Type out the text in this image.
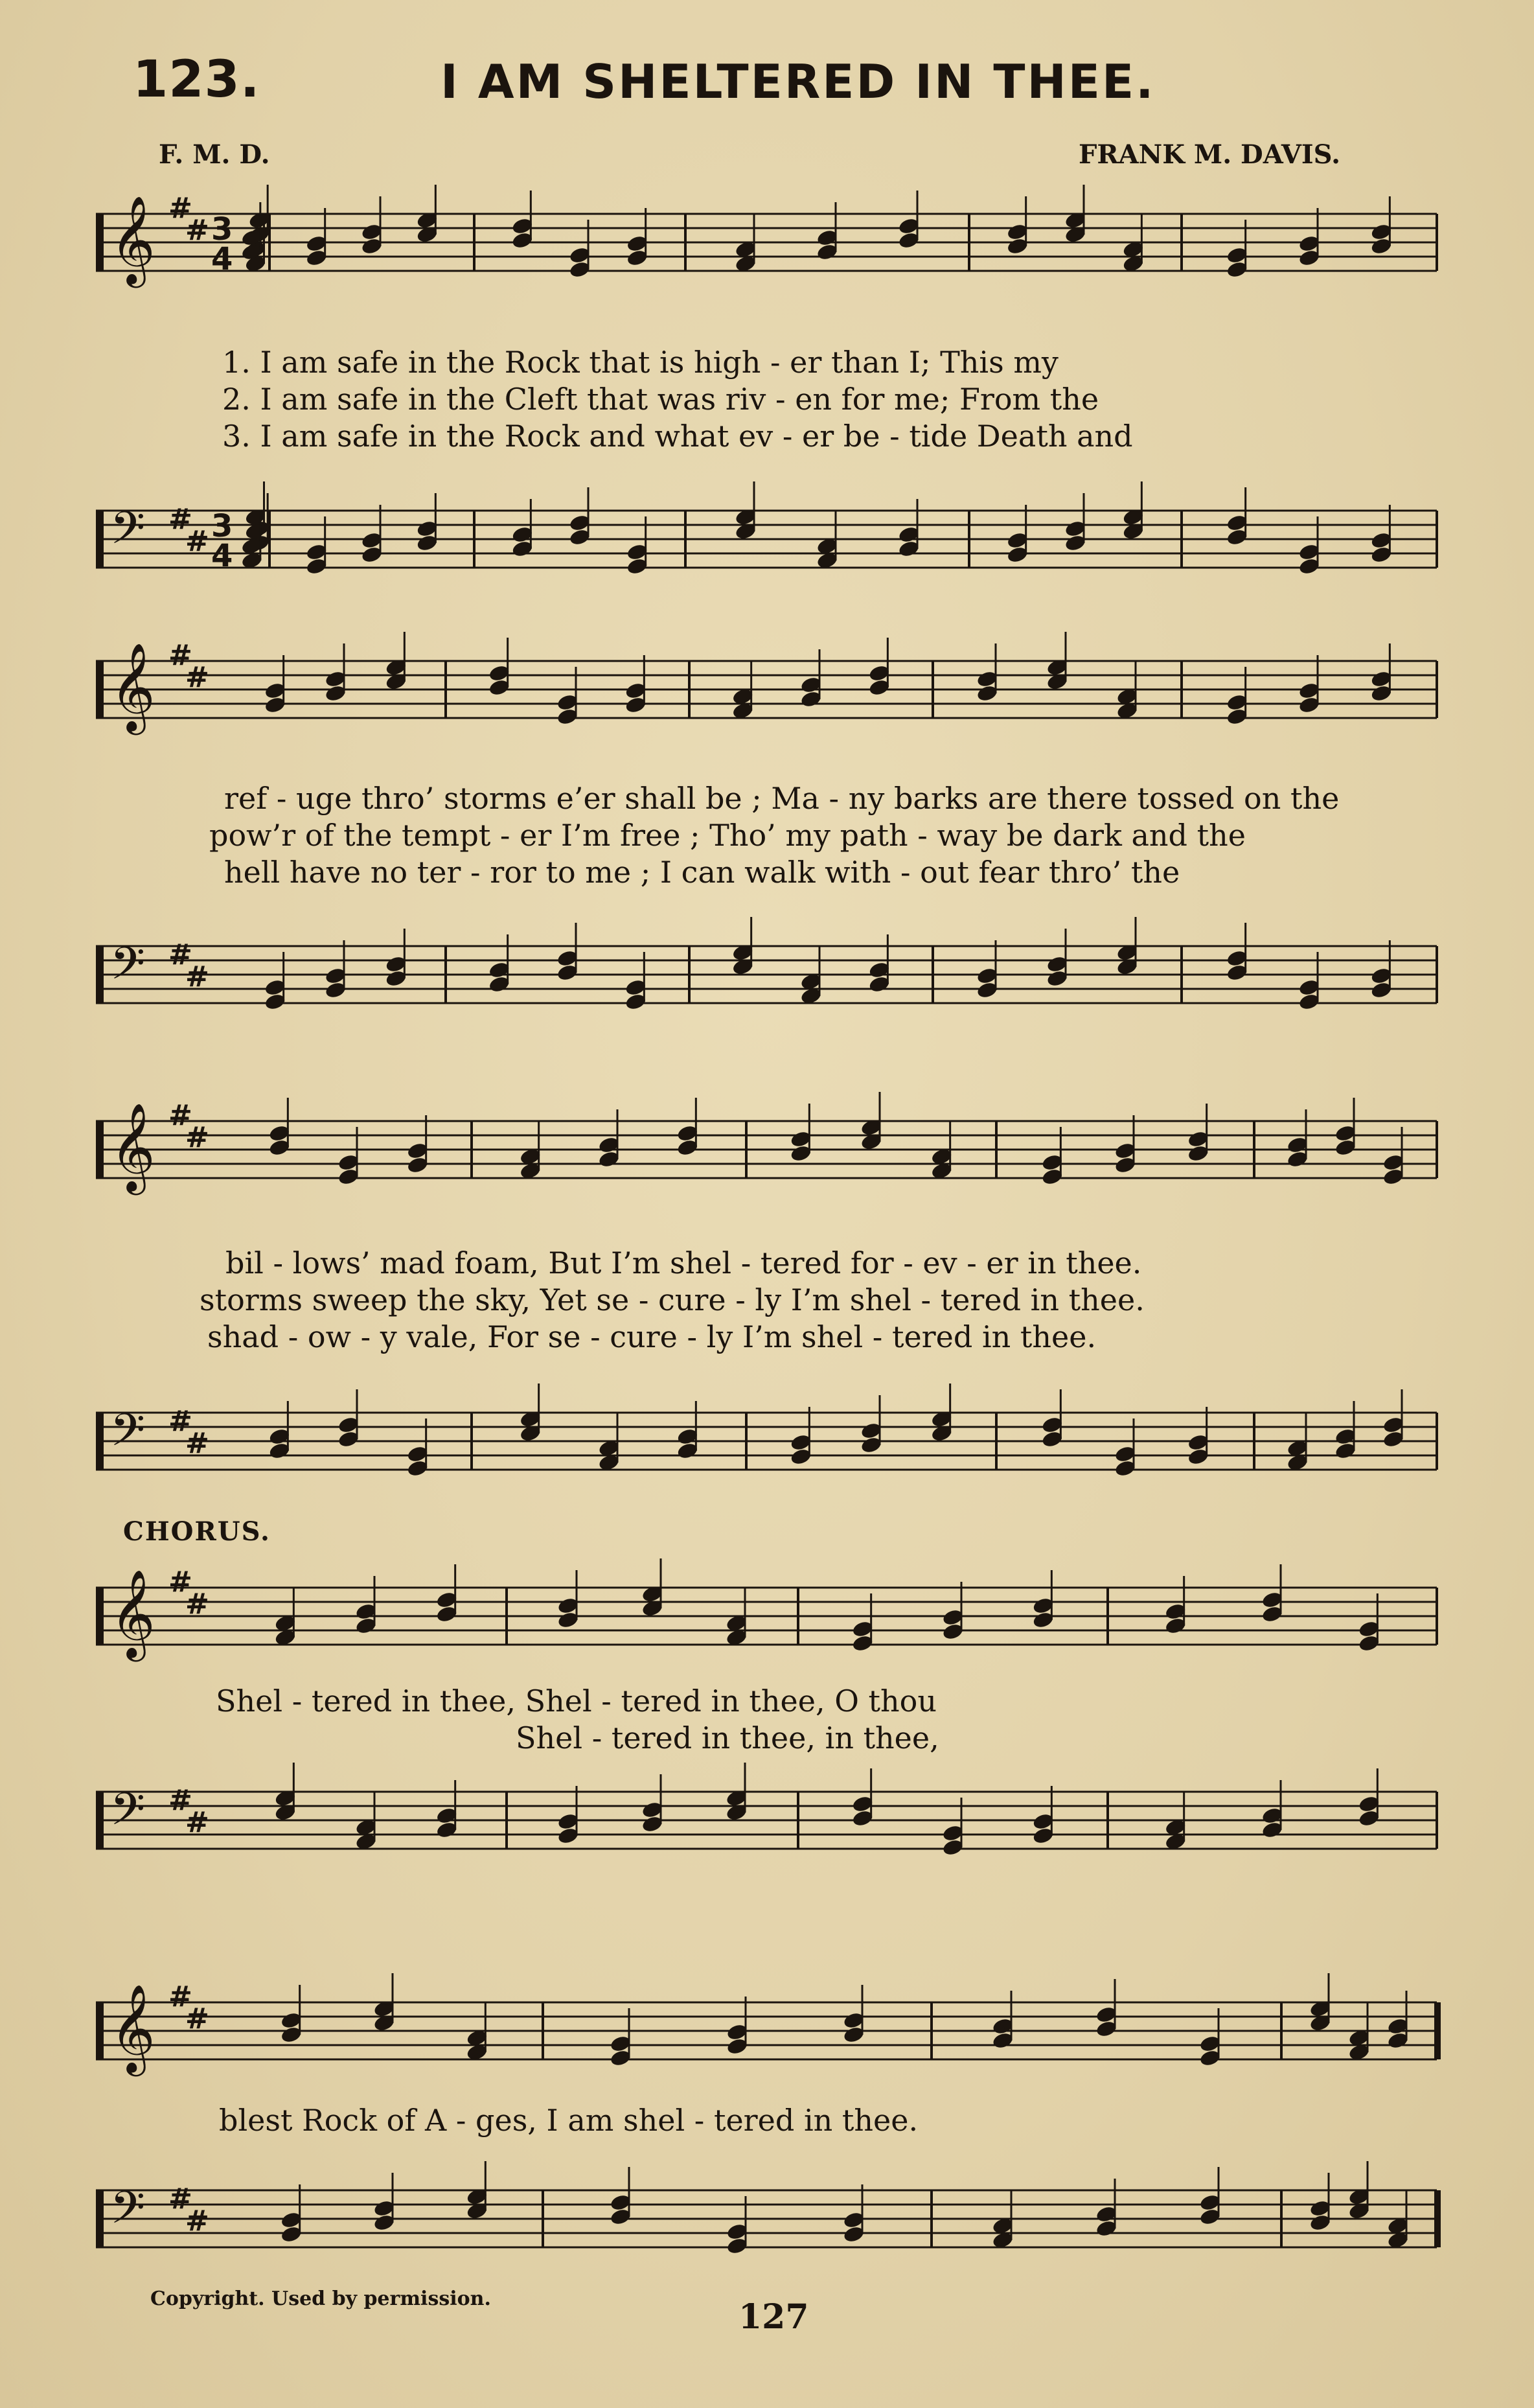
123.	I AM SHELTERED IN THEE.
F. M. D.	FRANK M. DAVIS.
𝄞 #
# 3
4
1. I am safe in the Rock that is high - er than I; This my
2. I am safe in the Cleft that was riv - en for me; From the
3. I am safe in the Rock and what ev - er be - tide Death and
𝄢 #
# 3
4
𝄞 #
#
ref - uge thro’ storms e’er shall be ; Ma - ny barks are there tossed on the
pow’r of the tempt - er I’m free ; Tho’ my path - way be dark and the
hell have no ter - ror to me ; I can walk with - out fear thro’ the
𝄢 #
#
𝄞 #
#
bil - lows’ mad foam, But I’m shel - tered for - ev - er in thee.
storms sweep the sky, Yet se - cure - ly I’m shel - tered in thee.
shad - ow - y vale, For se - cure - ly I’m shel - tered in thee.
𝄢 #
#
CHORUS.
𝄞 #
#
Shel - tered in thee, Shel - tered in thee, O thou
Shel - tered in thee, in thee,
𝄢 #
#
𝄞 #
#
blest Rock of A - ges, I am shel - tered in thee.
𝄢 #
#
Copyright. Used by permission.	127
